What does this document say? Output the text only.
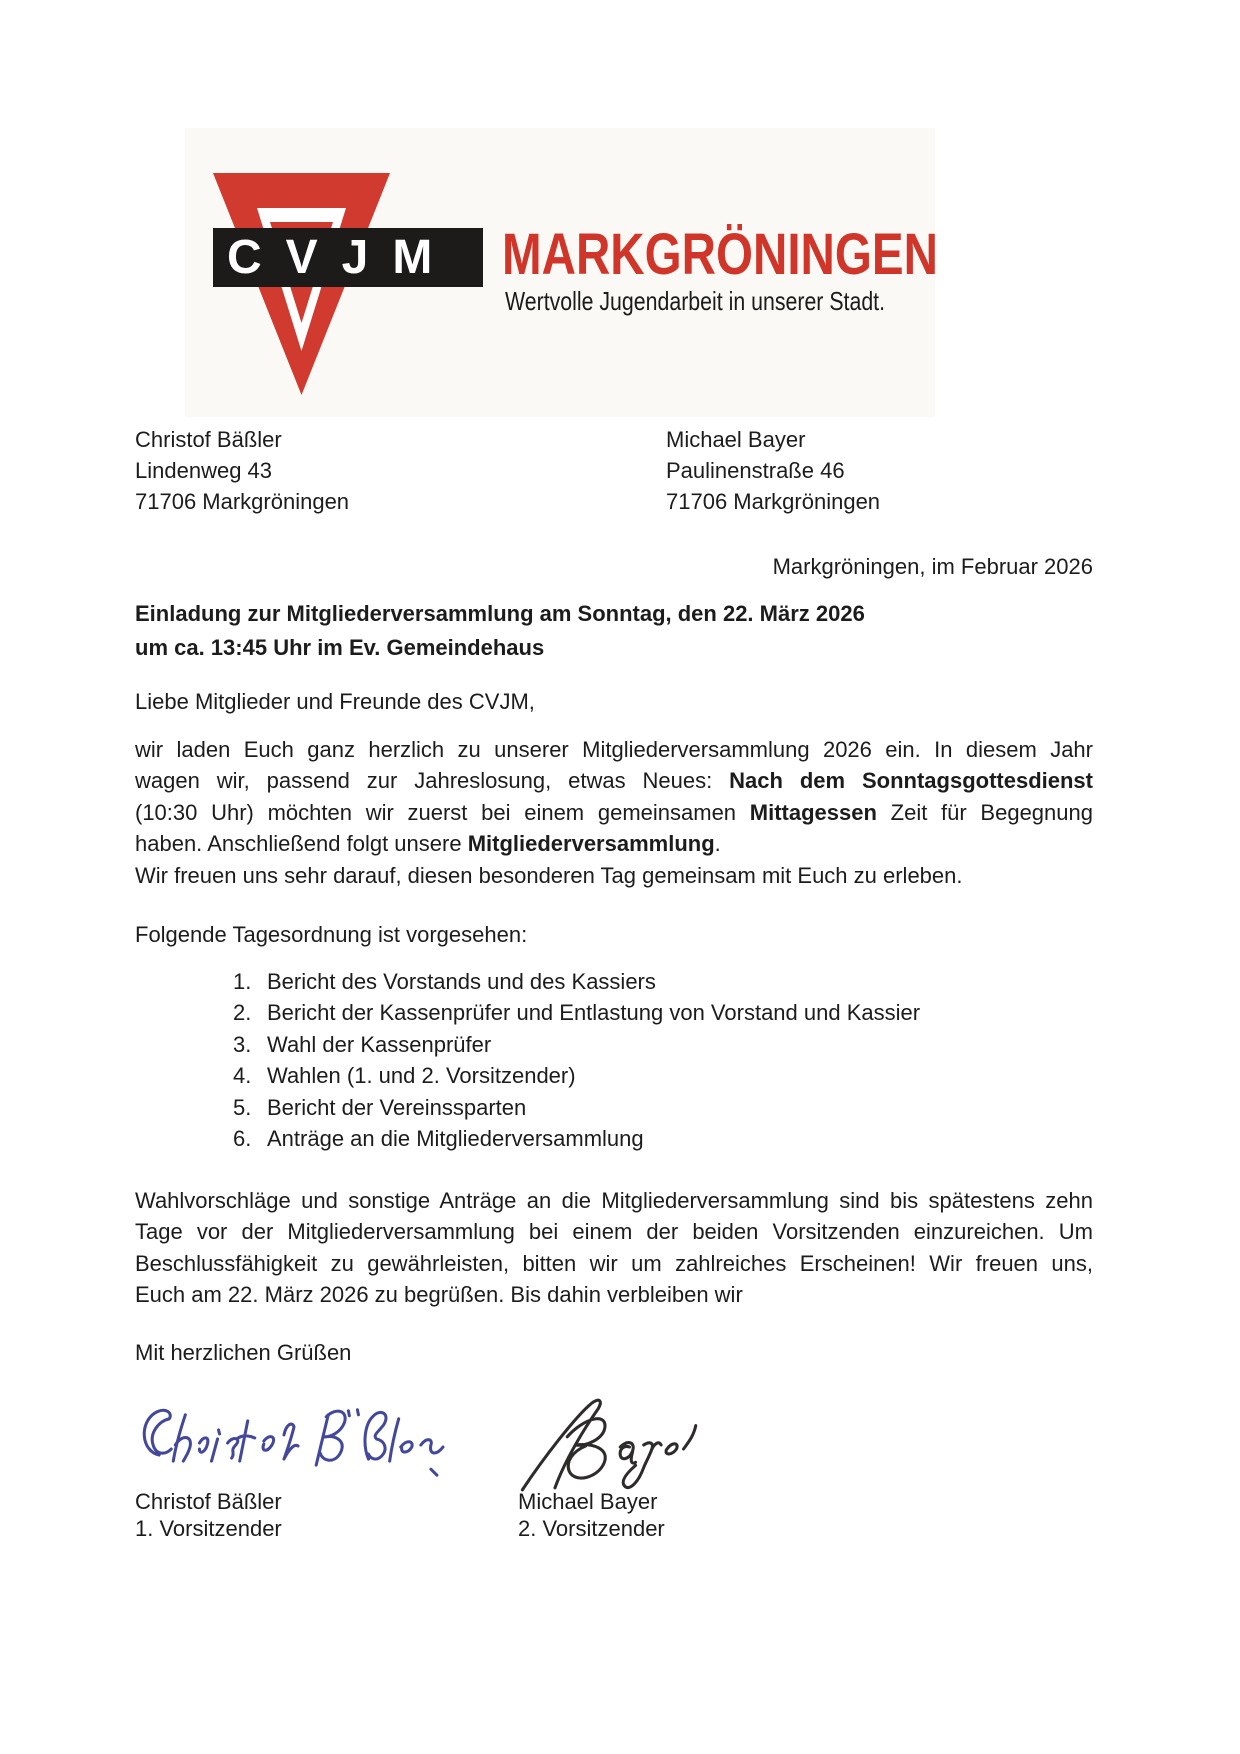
CVJM MARKGRÖNINGEN
Wertvolle Jugendarbeit in unserer Stadt.
Christof Bäßler
Lindenweg 43
71706 Markgröningen
Michael Bayer
Paulinenstraße 46
71706 Markgröningen
Markgröningen, im Februar 2026
Einladung zur Mitgliederversammlung am Sonntag, den 22. März 2026
um ca. 13:45 Uhr im Ev. Gemeindehaus
Liebe Mitglieder und Freunde des CVJM,
wir laden Euch ganz herzlich zu unserer Mitgliederversammlung 2026 ein. In diesem Jahr
wagen wir, passend zur Jahreslosung, etwas Neues: Nach dem Sonntagsgottesdienst
(10:30 Uhr) möchten wir zuerst bei einem gemeinsamen Mittagessen Zeit für Begegnung
haben. Anschließend folgt unsere Mitgliederversammlung.
Wir freuen uns sehr darauf, diesen besonderen Tag gemeinsam mit Euch zu erleben.
Folgende Tagesordnung ist vorgesehen:
1. Bericht des Vorstands und des Kassiers
2. Bericht der Kassenprüfer und Entlastung von Vorstand und Kassier
3. Wahl der Kassenprüfer
4. Wahlen (1. und 2. Vorsitzender)
5. Bericht der Vereinssparten
6. Anträge an die Mitgliederversammlung
Wahlvorschläge und sonstige Anträge an die Mitgliederversammlung sind bis spätestens zehn
Tage vor der Mitgliederversammlung bei einem der beiden Vorsitzenden einzureichen. Um
Beschlussfähigkeit zu gewährleisten, bitten wir um zahlreiches Erscheinen! Wir freuen uns,
Euch am 22. März 2026 zu begrüßen. Bis dahin verbleiben wir
Mit herzlichen Grüßen
Christof Bäßler
1. Vorsitzender
Michael Bayer
2. Vorsitzender
